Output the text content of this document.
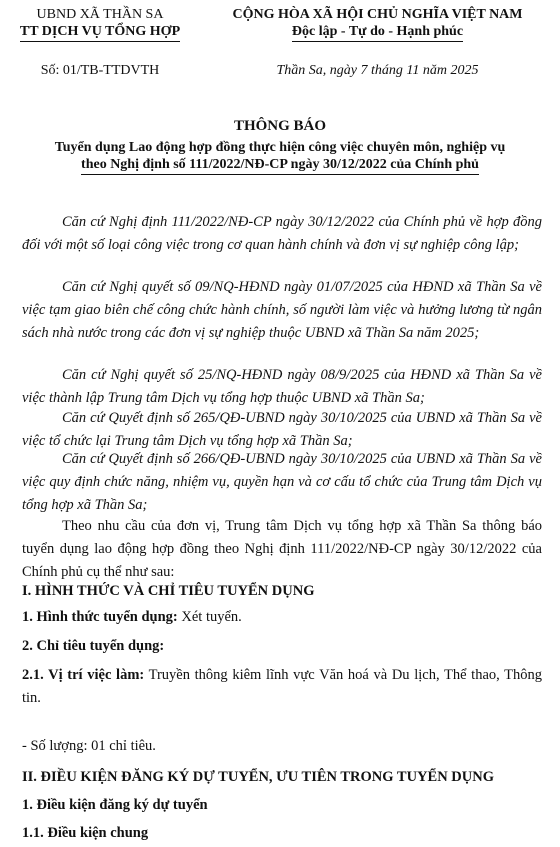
UBND XÃ THẦN SA
TT DỊCH VỤ TỔNG HỢP
Số: 01/TB-TTDVTH
CỘNG HÒA XÃ HỘI CHỦ NGHĨA VIỆT NAM
Độc lập - Tự do - Hạnh phúc
Thần Sa, ngày 7 tháng 11 năm 2025
THÔNG BÁO
Tuyển dụng Lao động hợp đồng thực hiện công việc chuyên môn, nghiệp vụ
theo Nghị định số 111/2022/NĐ-CP ngày 30/12/2022 của Chính phủ
Căn cứ Nghị định 111/2022/NĐ-CP ngày 30/12/2022 của Chính phủ về hợp đồng đối với một số loại công việc trong cơ quan hành chính và đơn vị sự nghiệp công lập;
Căn cứ Nghị quyết số 09/NQ-HĐND ngày 01/07/2025 của HĐND xã Thần Sa về việc tạm giao biên chế công chức hành chính, số người làm việc và hưởng lương từ ngân sách nhà nước trong các đơn vị sự nghiệp thuộc UBND xã Thần Sa năm 2025;
Căn cứ Nghị quyết số 25/NQ-HĐND ngày 08/9/2025 của HĐND xã Thần Sa về việc thành lập Trung tâm Dịch vụ tổng hợp thuộc UBND xã Thần Sa;
Căn cứ Quyết định số 265/QĐ-UBND ngày 30/10/2025 của UBND xã Thần Sa về việc tổ chức lại Trung tâm Dịch vụ tổng hợp xã Thần Sa;
Căn cứ Quyết định số 266/QĐ-UBND ngày 30/10/2025 của UBND xã Thần Sa về việc quy định chức năng, nhiệm vụ, quyền hạn và cơ cấu tổ chức của Trung tâm Dịch vụ tổng hợp xã Thần Sa;
Theo nhu cầu của đơn vị, Trung tâm Dịch vụ tổng hợp xã Thần Sa thông báo tuyển dụng lao động hợp đồng theo Nghị định 111/2022/NĐ-CP ngày 30/12/2022 của Chính phủ cụ thể như sau:
I. HÌNH THỨC VÀ CHỈ TIÊU TUYỂN DỤNG
1. Hình thức tuyển dụng: Xét tuyển.
2. Chỉ tiêu tuyển dụng:
2.1. Vị trí việc làm: Truyền thông kiêm lĩnh vực Văn hoá và Du lịch, Thể thao, Thông tin.
- Số lượng: 01 chỉ tiêu.
II. ĐIỀU KIỆN ĐĂNG KÝ DỰ TUYỂN, ƯU TIÊN TRONG TUYỂN DỤNG
1. Điều kiện đăng ký dự tuyển
1.1. Điều kiện chung
